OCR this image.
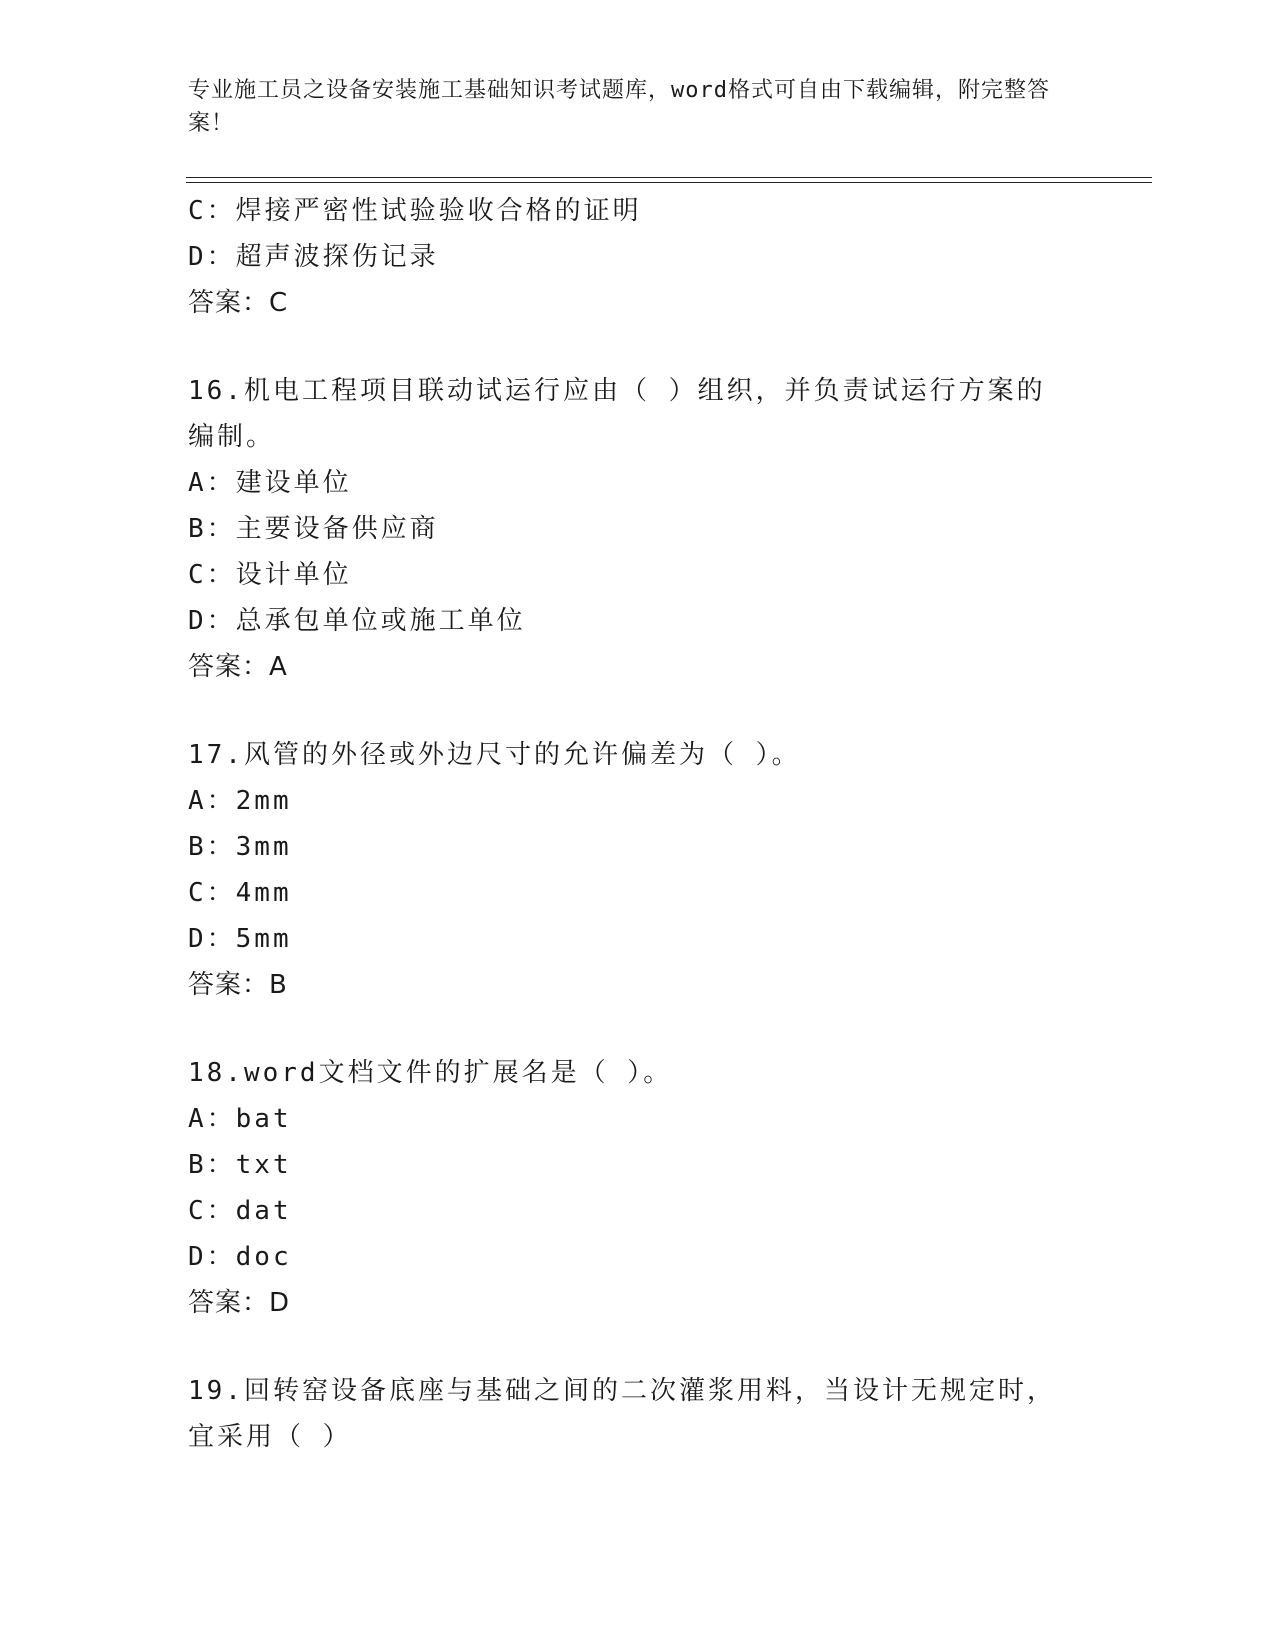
专业施工员之设备安装施工基础知识考试题库，word格式可自由下载编辑，附完整答案！
C：焊接严密性试验验收合格的证明
D：超声波探伤记录
答案：C
16.机电工程项目联动试运行应由（ ）组织，并负责试运行方案的编制。
A：建设单位
B：主要设备供应商
C：设计单位
D：总承包单位或施工单位
答案：A
17.风管的外径或外边尺寸的允许偏差为（ ）。
A：2mm
B：3mm
C：4mm
D：5mm
答案：B
18.word文档文件的扩展名是（ ）。
A：bat
B：txt
C：dat
D：doc
答案：D
19.回转窑设备底座与基础之间的二次灌浆用料，当设计无规定时，宜采用（ ）
